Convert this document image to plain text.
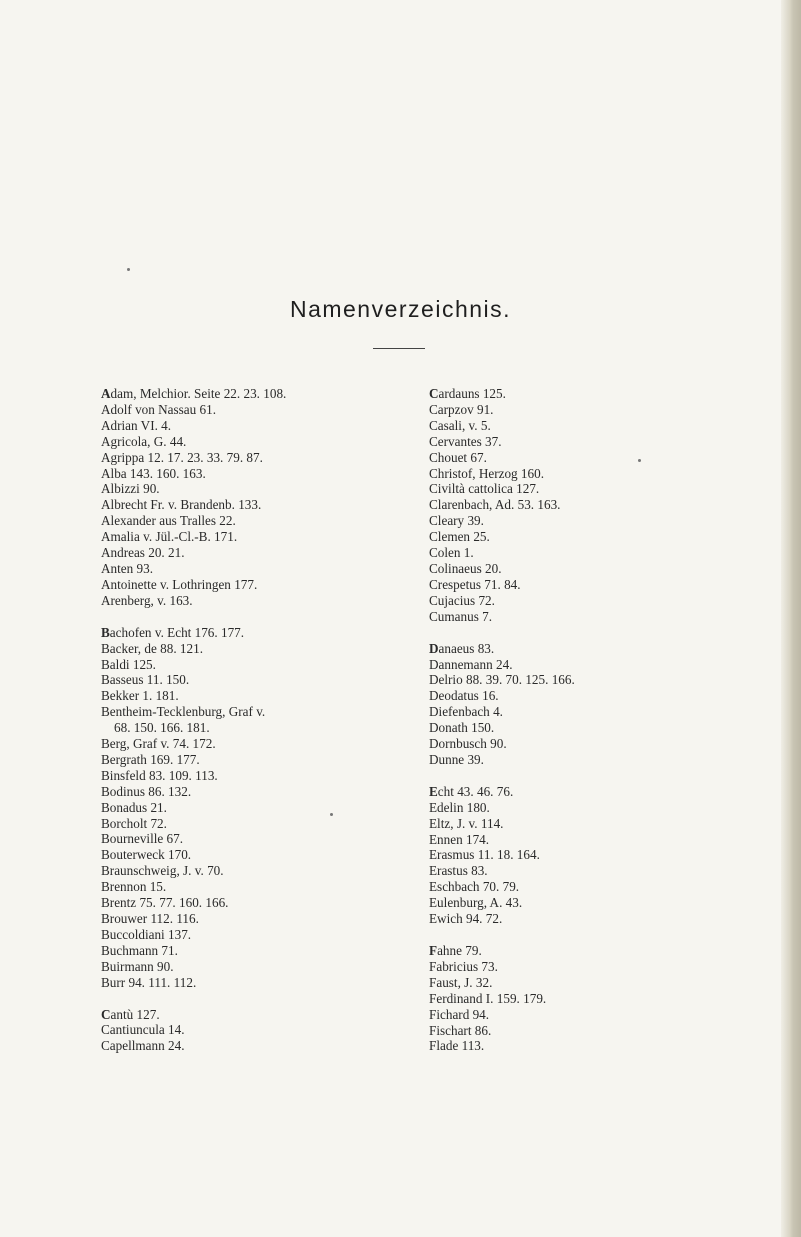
Namenverzeichnis.
Adam, Melchior. Seite 22. 23. 108.
Adolf von Nassau 61.
Adrian VI. 4.
Agricola, G. 44.
Agrippa 12. 17. 23. 33. 79. 87.
Alba 143. 160. 163.
Albizzi 90.
Albrecht Fr. v. Brandenb. 133.
Alexander aus Tralles 22.
Amalia v. Jül.-Cl.-B. 171.
Andreas 20. 21.
Anten 93.
Antoinette v. Lothringen 177.
Arenberg, v. 163.
Bachofen v. Echt 176. 177.
Backer, de 88. 121.
Baldi 125.
Basseus 11. 150.
Bekker 1. 181.
Bentheim-Tecklenburg, Graf v.
68. 150. 166. 181.
Berg, Graf v. 74. 172.
Bergrath 169. 177.
Binsfeld 83. 109. 113.
Bodinus 86. 132.
Bonadus 21.
Borcholt 72.
Bourneville 67.
Bouterweck 170.
Braunschweig, J. v. 70.
Brennon 15.
Brentz 75. 77. 160. 166.
Brouwer 112. 116.
Buccoldiani 137.
Buchmann 71.
Buirmann 90.
Burr 94. 111. 112.
Cantù 127.
Cantiuncula 14.
Capellmann 24.
Cardauns 125.
Carpzov 91.
Casali, v. 5.
Cervantes 37.
Chouet 67.
Christof, Herzog 160.
Civiltà cattolica 127.
Clarenbach, Ad. 53. 163.
Cleary 39.
Clemen 25.
Colen 1.
Colinaeus 20.
Crespetus 71. 84.
Cujacius 72.
Cumanus 7.
Danaeus 83.
Dannemann 24.
Delrio 88. 39. 70. 125. 166.
Deodatus 16.
Diefenbach 4.
Donath 150.
Dornbusch 90.
Dunne 39.
Echt 43. 46. 76.
Edelin 180.
Eltz, J. v. 114.
Ennen 174.
Erasmus 11. 18. 164.
Erastus 83.
Eschbach 70. 79.
Eulenburg, A. 43.
Ewich 94. 72.
Fahne 79.
Fabricius 73.
Faust, J. 32.
Ferdinand I. 159. 179.
Fichard 94.
Fischart 86.
Flade 113.
